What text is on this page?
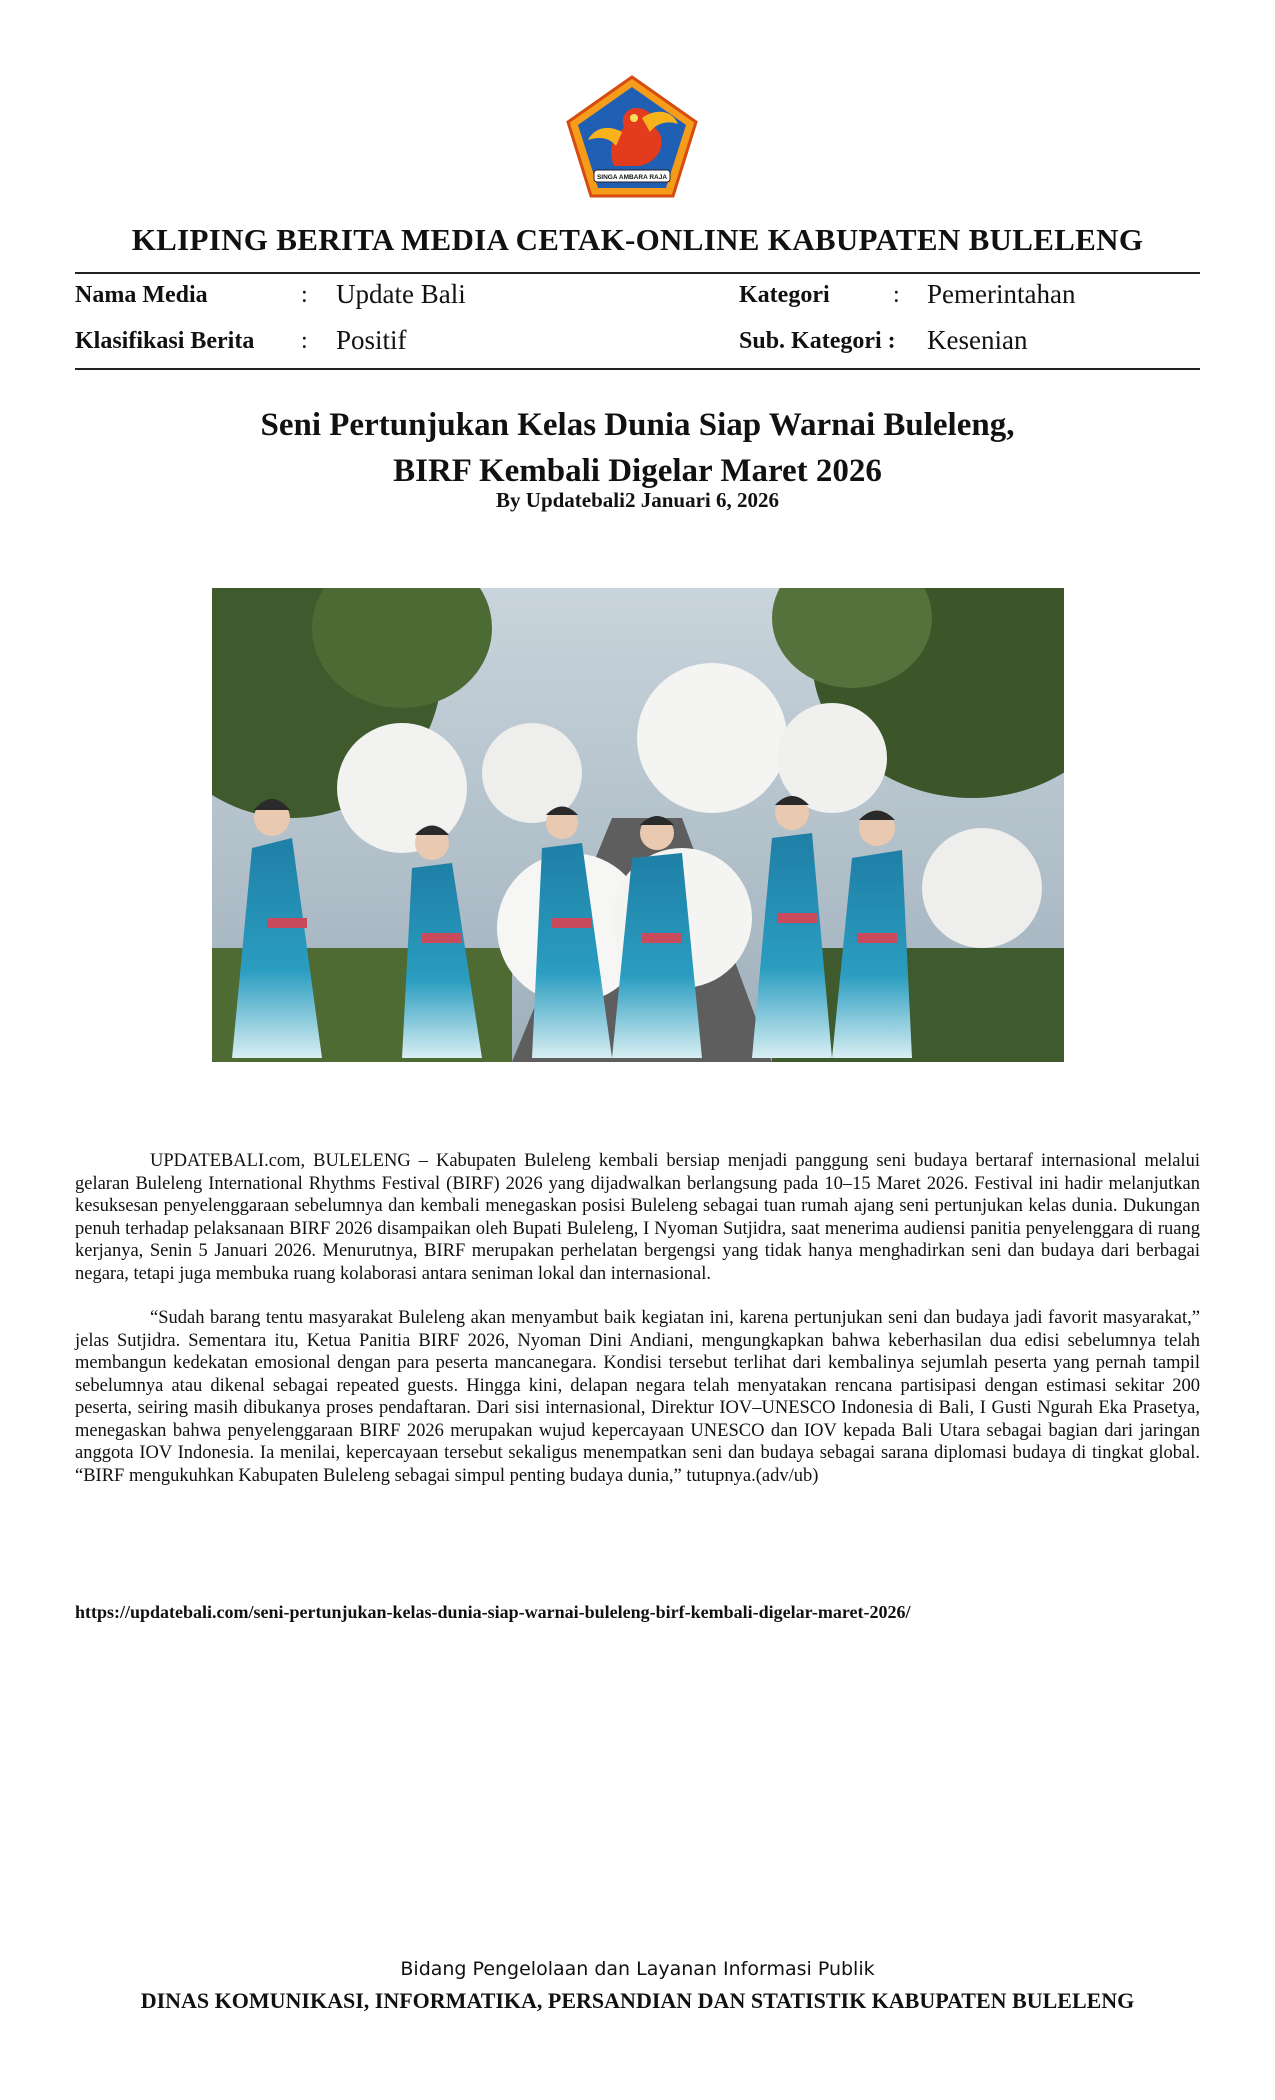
SINGA AMBARA RAJA
KLIPING BERITA MEDIA CETAK-ONLINE KABUPATEN BULELENG
Nama Media	: Update Bali	Kategori	: Pemerintahan
Klasifikasi Berita : Positif	Sub. Kategori : Kesenian
Seni Pertunjukan Kelas Dunia Siap Warnai Buleleng,
BIRF Kembali Digelar Maret 2026
By Updatebali2 Januari 6, 2026

UPDATEBALI.com, BULELENG – Kabupaten Buleleng kembali bersiap menjadi panggung seni budaya bertaraf internasional melalui gelaran Buleleng International Rhythms Festival (BIRF) 2026 yang dijadwalkan berlangsung pada 10–15 Maret 2026. Festival ini hadir melanjutkan kesuksesan penyelenggaraan sebelumnya dan kembali menegaskan posisi Buleleng sebagai tuan rumah ajang seni pertunjukan kelas dunia. Dukungan penuh terhadap pelaksanaan BIRF 2026 disampaikan oleh Bupati Buleleng, I Nyoman Sutjidra, saat menerima audiensi panitia penyelenggara di ruang kerjanya, Senin 5 Januari 2026. Menurutnya, BIRF merupakan perhelatan bergengsi yang tidak hanya menghadirkan seni dan budaya dari berbagai negara, tetapi juga membuka ruang kolaborasi antara seniman lokal dan internasional.

“Sudah barang tentu masyarakat Buleleng akan menyambut baik kegiatan ini, karena pertunjukan seni dan budaya jadi favorit masyarakat,” jelas Sutjidra. Sementara itu, Ketua Panitia BIRF 2026, Nyoman Dini Andiani, mengungkapkan bahwa keberhasilan dua edisi sebelumnya telah membangun kedekatan emosional dengan para peserta mancanegara. Kondisi tersebut terlihat dari kembalinya sejumlah peserta yang pernah tampil sebelumnya atau dikenal sebagai repeated guests. Hingga kini, delapan negara telah menyatakan rencana partisipasi dengan estimasi sekitar 200 peserta, seiring masih dibukanya proses pendaftaran. Dari sisi internasional, Direktur IOV–UNESCO Indonesia di Bali, I Gusti Ngurah Eka Prasetya, menegaskan bahwa penyelenggaraan BIRF 2026 merupakan wujud kepercayaan UNESCO dan IOV kepada Bali Utara sebagai bagian dari jaringan anggota IOV Indonesia. Ia menilai, kepercayaan tersebut sekaligus menempatkan seni dan budaya sebagai sarana diplomasi budaya di tingkat global. “BIRF mengukuhkan Kabupaten Buleleng sebagai simpul penting budaya dunia,” tutupnya.(adv/ub)

https://updatebali.com/seni-pertunjukan-kelas-dunia-siap-warnai-buleleng-birf-kembali-digelar-maret-2026/
Bidang Pengelolaan dan Layanan Informasi Publik
DINAS KOMUNIKASI, INFORMATIKA, PERSANDIAN DAN STATISTIK KABUPATEN BULELENG
